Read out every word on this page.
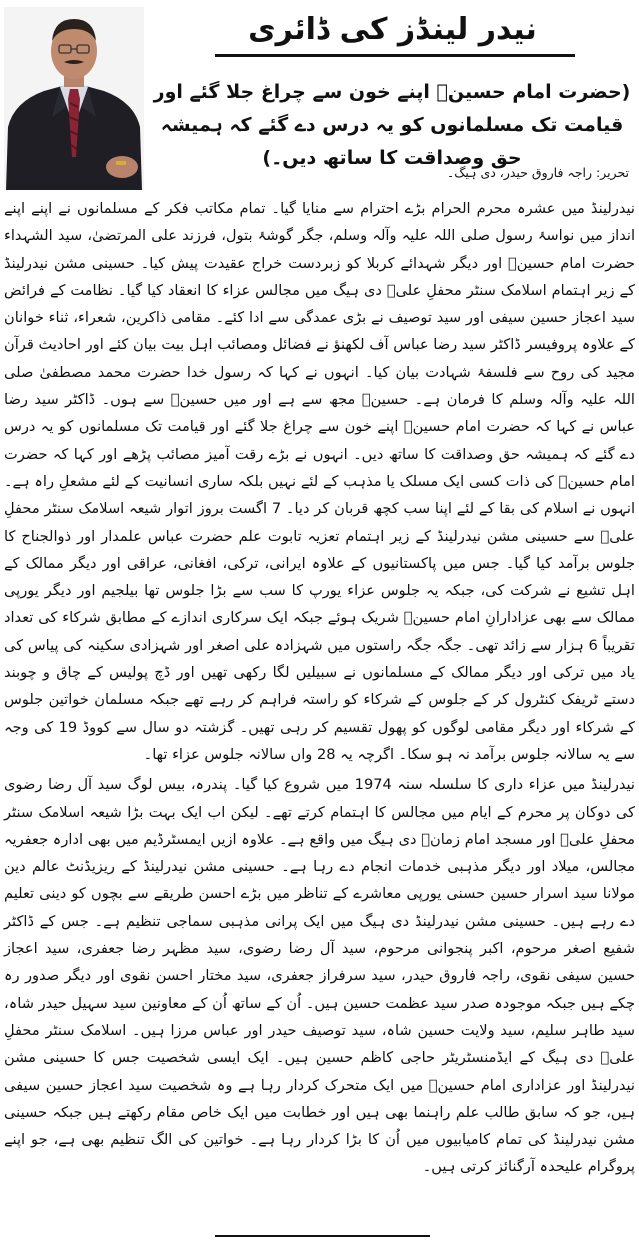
نیدر لینڈز کی ڈائری

(حضرت امام حسینؑ اپنے خون سے چراغ جلا گئے اور قیامت تک مسلمانوں کو یہ درس دے گئے کہ ہمیشہ حق وصداقت کا ساتھ دیں۔)

تحریر: راجہ فاروق حیدر، دی ہیگ۔

نیدرلینڈ میں عشرہ محرم الحرام بڑے احترام سے منایا گیا۔ تمام مکاتب فکر کے مسلمانوں نے اپنے اپنے انداز میں نواسۂ رسول صلی اللہ علیہ وآلہ وسلم، جگر گوشۂ بتول، فرزند علی المرتضیٰ، سید الشہداء حضرت امام حسینؑ اور دیگر شہدائے کربلا کو زبردست خراج عقیدت پیش کیا۔ حسینی مشن نیدرلینڈ کے زیر اہتمام اسلامک سنٹر محفلِ علیؑ دی ہیگ میں مجالس عزاء کا انعقاد کیا گیا۔ نظامت کے فرائض سید اعجاز حسین سیفی اور سید توصیف نے بڑی عمدگی سے ادا کئے۔ مقامی ذاکرین، شعراء، ثناء خوانان کے علاوہ پروفیسر ڈاکٹر سید رضا عباس آف لکھنؤ نے فضائل ومصائب اہل بیت بیان کئے اور احادیث قرآن مجید کی روح سے فلسفۂ شہادت بیان کیا۔ انہوں نے کہا کہ رسول خدا حضرت محمد مصطفیٰ صلی اللہ علیہ وآلہ وسلم کا فرمان ہے۔ حسینؑ مجھ سے ہے اور میں حسینؑ سے ہوں۔ ڈاکٹر سید رضا عباس نے کہا کہ حضرت امام حسینؑ اپنے خون سے چراغ جلا گئے اور قیامت تک مسلمانوں کو یہ درس دے گئے کہ ہمیشہ حق وصداقت کا ساتھ دیں۔ انہوں نے بڑے رقت آمیز مصائب پڑھے اور کہا کہ حضرت امام حسینؑ کی ذات کسی ایک مسلک یا مذہب کے لئے نہیں بلکہ ساری انسانیت کے لئے مشعلِ راہ ہے۔ انہوں نے اسلام کی بقا کے لئے اپنا سب کچھ قربان کر دیا۔ 7 اگست بروز اتوار شیعہ اسلامک سنٹر محفلِ علیؑ سے حسینی مشن نیدرلینڈ کے زیر اہتمام تعزیہ تابوت علم حضرت عباس علمدار اور ذوالجناح کا جلوس برآمد کیا گیا۔ جس میں پاکستانیوں کے علاوہ ایرانی، ترکی، افغانی، عراقی اور دیگر ممالک کے اہل تشیع نے شرکت کی، جبکہ یہ جلوس عزاء یورپ کا سب سے بڑا جلوس تھا بیلجیم اور دیگر یورپی ممالک سے بھی عزادارانِ امام حسینؑ شریک ہوئے جبکہ ایک سرکاری اندازے کے مطابق شرکاء کی تعداد تقریباً 6 ہزار سے زائد تھی۔ جگہ جگہ راستوں میں شہزادہ علی اصغر اور شہزادی سکینہ کی پیاس کی یاد میں ترکی اور دیگر ممالک کے مسلمانوں نے سبیلیں لگا رکھی تھیں اور ڈچ پولیس کے چاق و چوبند دستے ٹریفک کنٹرول کر کے جلوس کے شرکاء کو راستہ فراہم کر رہے تھے جبکہ مسلمان خواتین جلوس کے شرکاء اور دیگر مقامی لوگوں کو پھول تقسیم کر رہی تھیں۔ گزشتہ دو سال سے کووڈ 19 کی وجہ سے یہ سالانہ جلوس برآمد نہ ہو سکا۔ اگرچہ یہ 28 واں سالانہ جلوس عزاء تھا۔

نیدرلینڈ میں عزاء داری کا سلسلہ سنہ 1974 میں شروع کیا گیا۔ پندرہ، بیس لوگ سید آل رضا رضوی کی دوکان پر محرم کے ایام میں مجالس کا اہتمام کرتے تھے۔ لیکن اب ایک بہت بڑا شیعہ اسلامک سنٹر محفلِ علیؑ اور مسجد امام زمانؑ دی ہیگ میں واقع ہے۔ علاوہ ازیں ایمسٹرڈیم میں بھی ادارہ جعفریہ مجالس، میلاد اور دیگر مذہبی خدمات انجام دے رہا ہے۔ حسینی مشن نیدرلینڈ کے ریزیڈنٹ عالم دین مولانا سید اسرار حسین حسنی یورپی معاشرے کے تناظر میں بڑے احسن طریقے سے بچوں کو دینی تعلیم دے رہے ہیں۔ حسینی مشن نیدرلینڈ دی ہیگ میں ایک پرانی مذہبی سماجی تنظیم ہے۔ جس کے ڈاکٹر شفیع اصغر مرحوم، اکبر پنجوانی مرحوم، سید آل رضا رضوی، سید مظہر رضا جعفری، سید اعجاز حسین سیفی نقوی، راجہ فاروق حیدر، سید سرفراز جعفری، سید مختار احسن نقوی اور دیگر صدور رہ چکے ہیں جبکہ موجودہ صدر سید عظمت حسین ہیں۔ اُن کے ساتھ اُن کے معاونین سید سہیل حیدر شاہ، سید طاہر سلیم، سید ولایت حسین شاہ، سید توصیف حیدر اور عباس مرزا ہیں۔ اسلامک سنٹر محفلِ علیؑ دی ہیگ کے ایڈمنسٹریٹر حاجی کاظم حسین ہیں۔ ایک ایسی شخصیت جس کا حسینی مشن نیدرلینڈ اور عزاداری امام حسینؑ میں ایک متحرک کردار رہا ہے وہ شخصیت سید اعجاز حسین سیفی ہیں، جو کہ سابق طالب علم راہنما بھی ہیں اور خطابت میں ایک خاص مقام رکھتے ہیں جبکہ حسینی مشن نیدرلینڈ کی تمام کامیابیوں میں اُن کا بڑا کردار رہا ہے۔ خواتین کی الگ تنظیم بھی ہے، جو اپنے پروگرام علیحدہ آرگنائز کرتی ہیں۔
